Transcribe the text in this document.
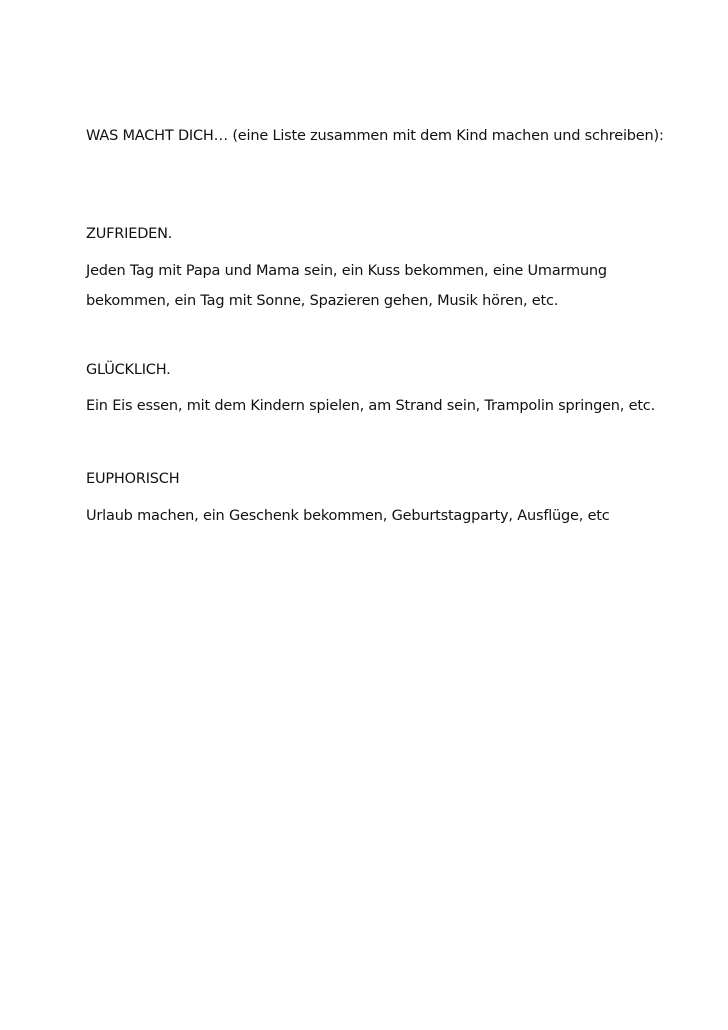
WAS MACHT DICH… (eine Liste zusammen mit dem Kind machen und schreiben):
ZUFRIEDEN.
Jeden Tag mit Papa und Mama sein, ein Kuss bekommen, eine Umarmung bekommen, ein Tag mit Sonne, Spazieren gehen, Musik hören, etc.
GLÜCKLICH.
Ein Eis essen, mit dem Kindern spielen, am Strand sein, Trampolin springen, etc.
EUPHORISCH
Urlaub machen, ein Geschenk bekommen, Geburtstagparty, Ausflüge, etc
